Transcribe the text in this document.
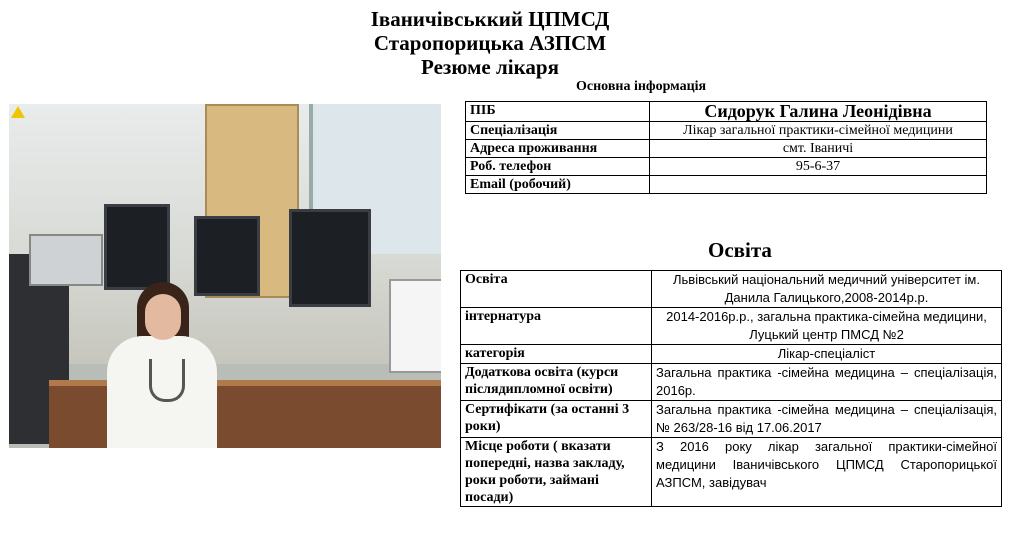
Іваничівськкий ЦПМСД
Старопорицька АЗПСМ
Резюме лікаря
Основна інформація
ПІБ	Сидорук Галина Леонідівна
Спеціалізація	Лікар загальної практики-сімейної медицини
Адреса проживання	смт. Іваничі
Роб. телефон	95-6-37
Email (робочий)	
Освіта
Освіта	Львівський національний медичний університет ім. Данила Галицького,2008-2014р.р.
інтернатура	2014-2016р.р., загальна практика-сімейна медицини, Луцький центр ПМСД №2
категорія	Лікар-спеціаліст
Додаткова освіта (курси післядипломної освіти)	Загальна практика -сімейна медицина – спеціалізація, 2016р.
Сертифікати (за останні 3 роки)	Загальна практика -сімейна медицина – спеціалізація, № 263/28-16 від 17.06.2017
Місце роботи ( вказати попередні, назва закладу, роки роботи, займані посади)	З 2016 року лікар загальної практики-сімейної медицини Іваничівського ЦПМСД Старопорицької АЗПСМ, завідувач
